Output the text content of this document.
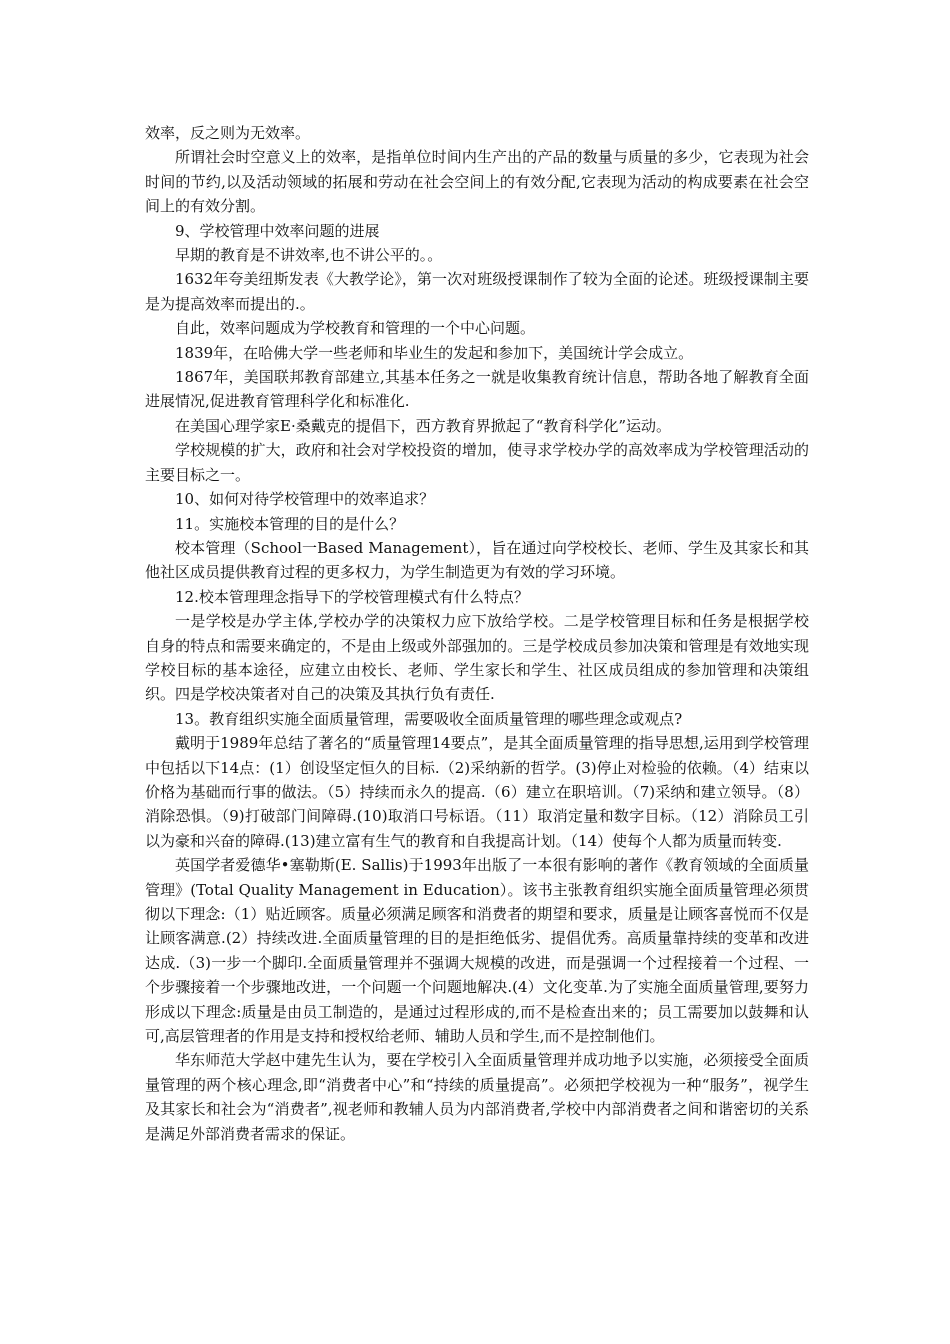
效率，反之则为无效率。

所谓社会时空意义上的效率，是指单位时间内生产出的产品的数量与质量的多少，它表现为社会时间的节约,以及活动领域的拓展和劳动在社会空间上的有效分配,它表现为活动的构成要素在社会空间上的有效分割。

9、学校管理中效率问题的进展

早期的教育是不讲效率,也不讲公平的。。

1632年夸美纽斯发表《大教学论》，第一次对班级授课制作了较为全面的论述。班级授课制主要是为提高效率而提出的.。

自此，效率问题成为学校教育和管理的一个中心问题。

1839年，在哈佛大学一些老师和毕业生的发起和参加下，美国统计学会成立。

1867年，美国联邦教育部建立,其基本任务之一就是收集教育统计信息，帮助各地了解教育全面进展情况,促进教育管理科学化和标准化.

在美国心理学家E·桑戴克的提倡下，西方教育界掀起了“教育科学化”运动。

学校规模的扩大，政府和社会对学校投资的增加，使寻求学校办学的高效率成为学校管理活动的主要目标之一。

10、如何对待学校管理中的效率追求？

11。实施校本管理的目的是什么？

校本管理（School一Based Management），旨在通过向学校校长、老师、学生及其家长和其他社区成员提供教育过程的更多权力，为学生制造更为有效的学习环境。

12.校本管理理念指导下的学校管理模式有什么特点？

一是学校是办学主体,学校办学的决策权力应下放给学校。二是学校管理目标和任务是根据学校自身的特点和需要来确定的，不是由上级或外部强加的。三是学校成员参加决策和管理是有效地实现学校目标的基本途径，应建立由校长、老师、学生家长和学生、社区成员组成的参加管理和决策组织。四是学校决策者对自己的决策及其执行负有责任.

13。教育组织实施全面质量管理，需要吸收全面质量管理的哪些理念或观点?

戴明于1989年总结了著名的“质量管理14要点”，是其全面质量管理的指导思想,运用到学校管理中包括以下14点：(1）创设坚定恒久的目标.（2)采纳新的哲学。(3)停止对检验的依赖。（4）结束以价格为基础而行事的做法。（5）持续而永久的提高.（6）建立在职培训。（7)采纳和建立领导。（8）消除恐惧。（9)打破部门间障碍.(10)取消口号标语。（11）取消定量和数字目标。（12）消除员工引以为豪和兴奋的障碍.(13)建立富有生气的教育和自我提高计划。（14）使每个人都为质量而转变.

英国学者爱德华•塞勒斯(E. Sallis)于1993年出版了一本很有影响的著作《教育领域的全面质量管理》(Total Quality Management in Education）。该书主张教育组织实施全面质量管理必须贯彻以下理念:（1）贴近顾客。质量必须满足顾客和消费者的期望和要求，质量是让顾客喜悦而不仅是让顾客满意.(2）持续改进.全面质量管理的目的是拒绝低劣、提倡优秀。高质量靠持续的变革和改进达成.（3)一步一个脚印.全面质量管理并不强调大规模的改进，而是强调一个过程接着一个过程、一个步骤接着一个步骤地改进，一个问题一个问题地解决.(4）文化变革.为了实施全面质量管理,要努力形成以下理念:质量是由员工制造的，是通过过程形成的,而不是检查出来的；员工需要加以鼓舞和认可,高层管理者的作用是支持和授权给老师、辅助人员和学生,而不是控制他们。

华东师范大学赵中建先生认为，要在学校引入全面质量管理并成功地予以实施，必须接受全面质量管理的两个核心理念,即“消费者中心”和“持续的质量提高”。必须把学校视为一种“服务”，视学生及其家长和社会为“消费者”,视老师和教辅人员为内部消费者,学校中内部消费者之间和谐密切的关系是满足外部消费者需求的保证。
